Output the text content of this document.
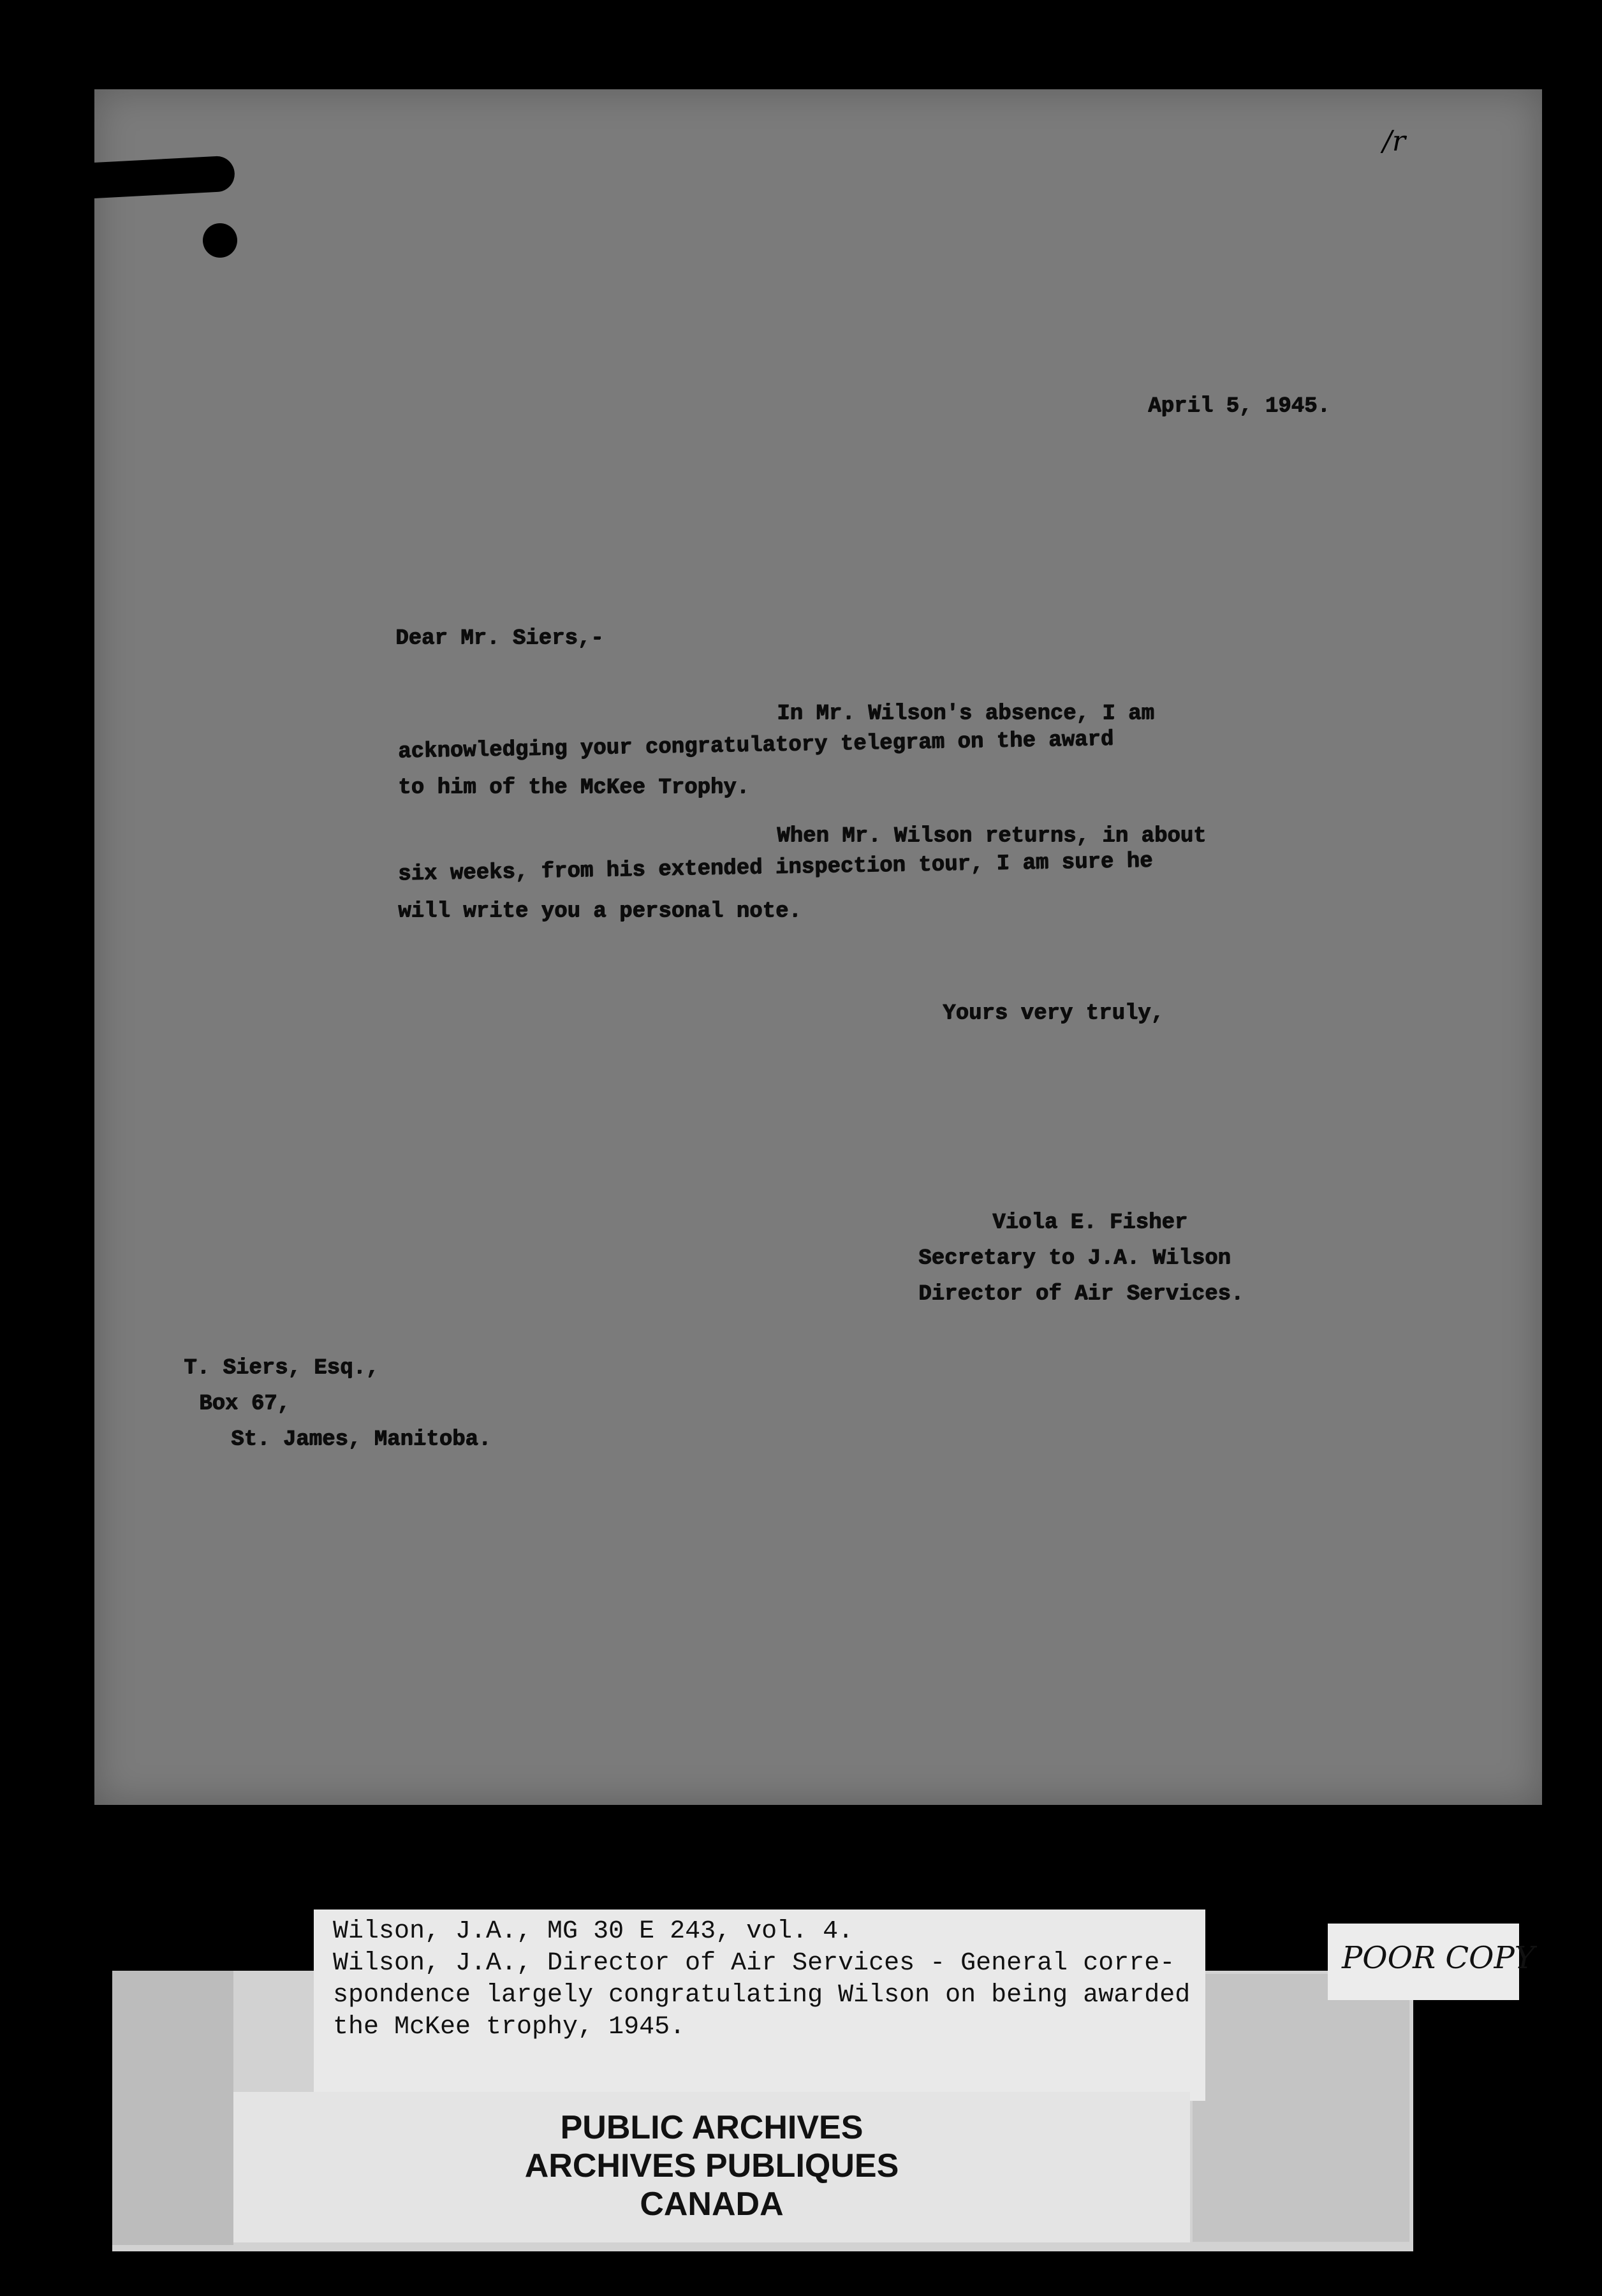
/r
April 5, 1945.
Dear Mr. Siers,-
In Mr. Wilson's absence, I am
acknowledging your congratulatory telegram on the award
to him of the McKee Trophy.
When Mr. Wilson returns, in about
six weeks, from his extended inspection tour, I am sure he
will write you a personal note.
Yours very truly,
Viola E. Fisher
Secretary to J.A. Wilson
Director of Air Services.
T. Siers, Esq.,
Box 67,
St. James, Manitoba.
Wilson, J.A., MG 30 E 243, vol. 4.
Wilson, J.A., Director of Air Services - General corre-
spondence largely congratulating Wilson on being awarded
the McKee trophy, 1945.
PUBLIC ARCHIVES
ARCHIVES PUBLIQUES
CANADA
POOR COPY
